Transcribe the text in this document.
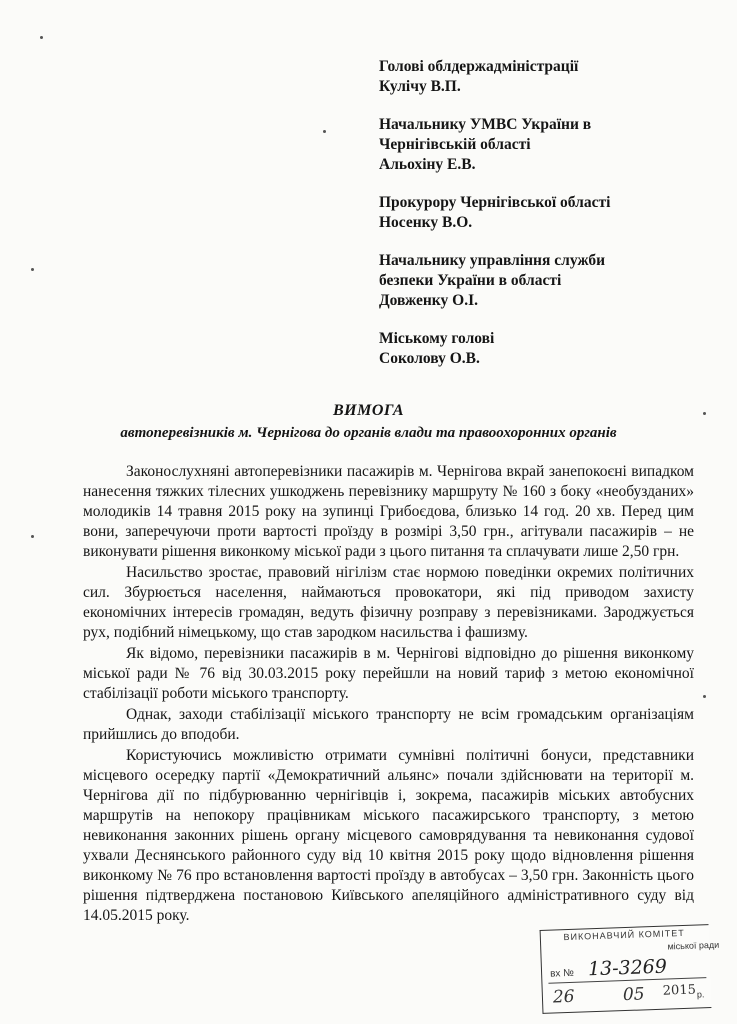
Голові облдержадміністрації
Кулічу В.П.
Начальнику УМВС України в
Чернігівській області
Альохіну Е.В.
Прокурору Чернігівської області
Носенку В.О.
Начальнику управління служби
безпеки України в області
Довженку О.І.
Міському голові
Соколову О.В.
ВИМОГА
автоперевізників м. Чернігова до органів влади та правоохоронних органів

Законослухняні автоперевізники пасажирів м. Чернігова вкрай занепокоєні випадком нанесення тяжких тілесних ушкоджень перевізнику маршруту № 160 з боку «необузданих» молодиків 14 травня 2015 року на зупинці Грибоєдова, близько 14 год. 20 хв. Перед цим вони, заперечуючи проти вартості проїзду в розмірі 3,50 грн., агітували пасажирів – не виконувати рішення виконкому міської ради з цього питання та сплачувати лише 2,50 грн.

Насильство зростає, правовий нігілізм стає нормою поведінки окремих політичних сил. Збурюється населення, наймаються провокатори, які під приводом захисту економічних інтересів громадян, ведуть фізичну розправу з перевізниками. Зароджується рух, подібний німецькому, що став зародком насильства і фашизму.

Як відомо, перевізники пасажирів в м. Чернігові відповідно до рішення виконкому міської ради № 76 від 30.03.2015 року перейшли на новий тариф з метою економічної стабілізації роботи міського транспорту.

Однак, заходи стабілізації міського транспорту не всім громадським організаціям прийшлись до вподоби.

Користуючись можливістю отримати сумнівні політичні бонуси, представники місцевого осередку партії «Демократичний альянс» почали здійснювати на території м. Чернігова дії по підбурюванню чернігівців і, зокрема, пасажирів міських автобусних маршрутів на непокору працівникам міського пасажирського транспорту, з метою невиконання законних рішень органу місцевого самоврядування та невиконання судової ухвали Деснянського районного суду від 10 квітня 2015 року щодо відновлення рішення виконкому № 76 про встановлення вартості проїзду в автобусах – 3,50 грн. Законність цього рішення підтверджена постановою Київського апеляційного адміністративного суду від 14.05.2015 року.

ВИКОНАВЧИЙ КОМІТЕТ
міської ради
вх № 13-3269
26	05 2015 р.
